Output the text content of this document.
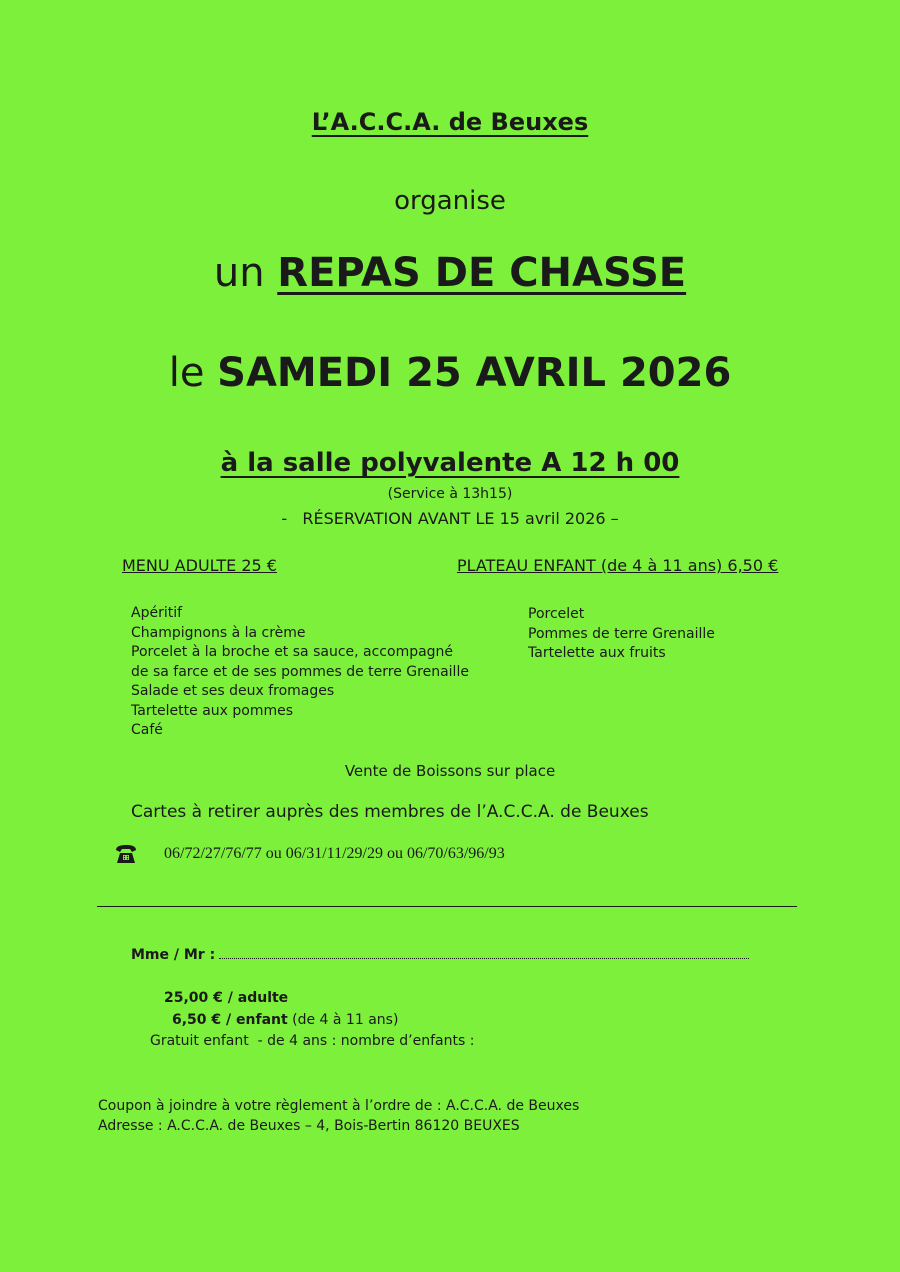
L’A.C.C.A. de Beuxes
organise
un REPAS DE CHASSE
le SAMEDI 25 AVRIL 2026
à la salle polyvalente A 12 h 00
(Service à 13h15)
-   RÉSERVATION AVANT LE 15 avril 2026 –
MENU ADULTE 25 €	PLATEAU ENFANT (de 4 à 11 ans) 6,50 €
Apéritif
Champignons à la crème
Porcelet à la broche et sa sauce, accompagné
de sa farce et de ses pommes de terre Grenaille
Salade et ses deux fromages
Tartelette aux pommes
Café
Porcelet
Pommes de terre Grenaille
Tartelette aux fruits
Vente de Boissons sur place
Cartes à retirer auprès des membres de l’A.C.C.A. de Beuxes
06/72/27/76/77 ou 06/31/11/29/29 ou 06/70/63/96/93
Mme / Mr :
25,00 € / adulte
6,50 € / enfant (de 4 à 11 ans)
Gratuit enfant  - de 4 ans : nombre d’enfants :
Coupon à joindre à votre règlement à l’ordre de : A.C.C.A. de Beuxes
Adresse : A.C.C.A. de Beuxes – 4, Bois-Bertin 86120 BEUXES
